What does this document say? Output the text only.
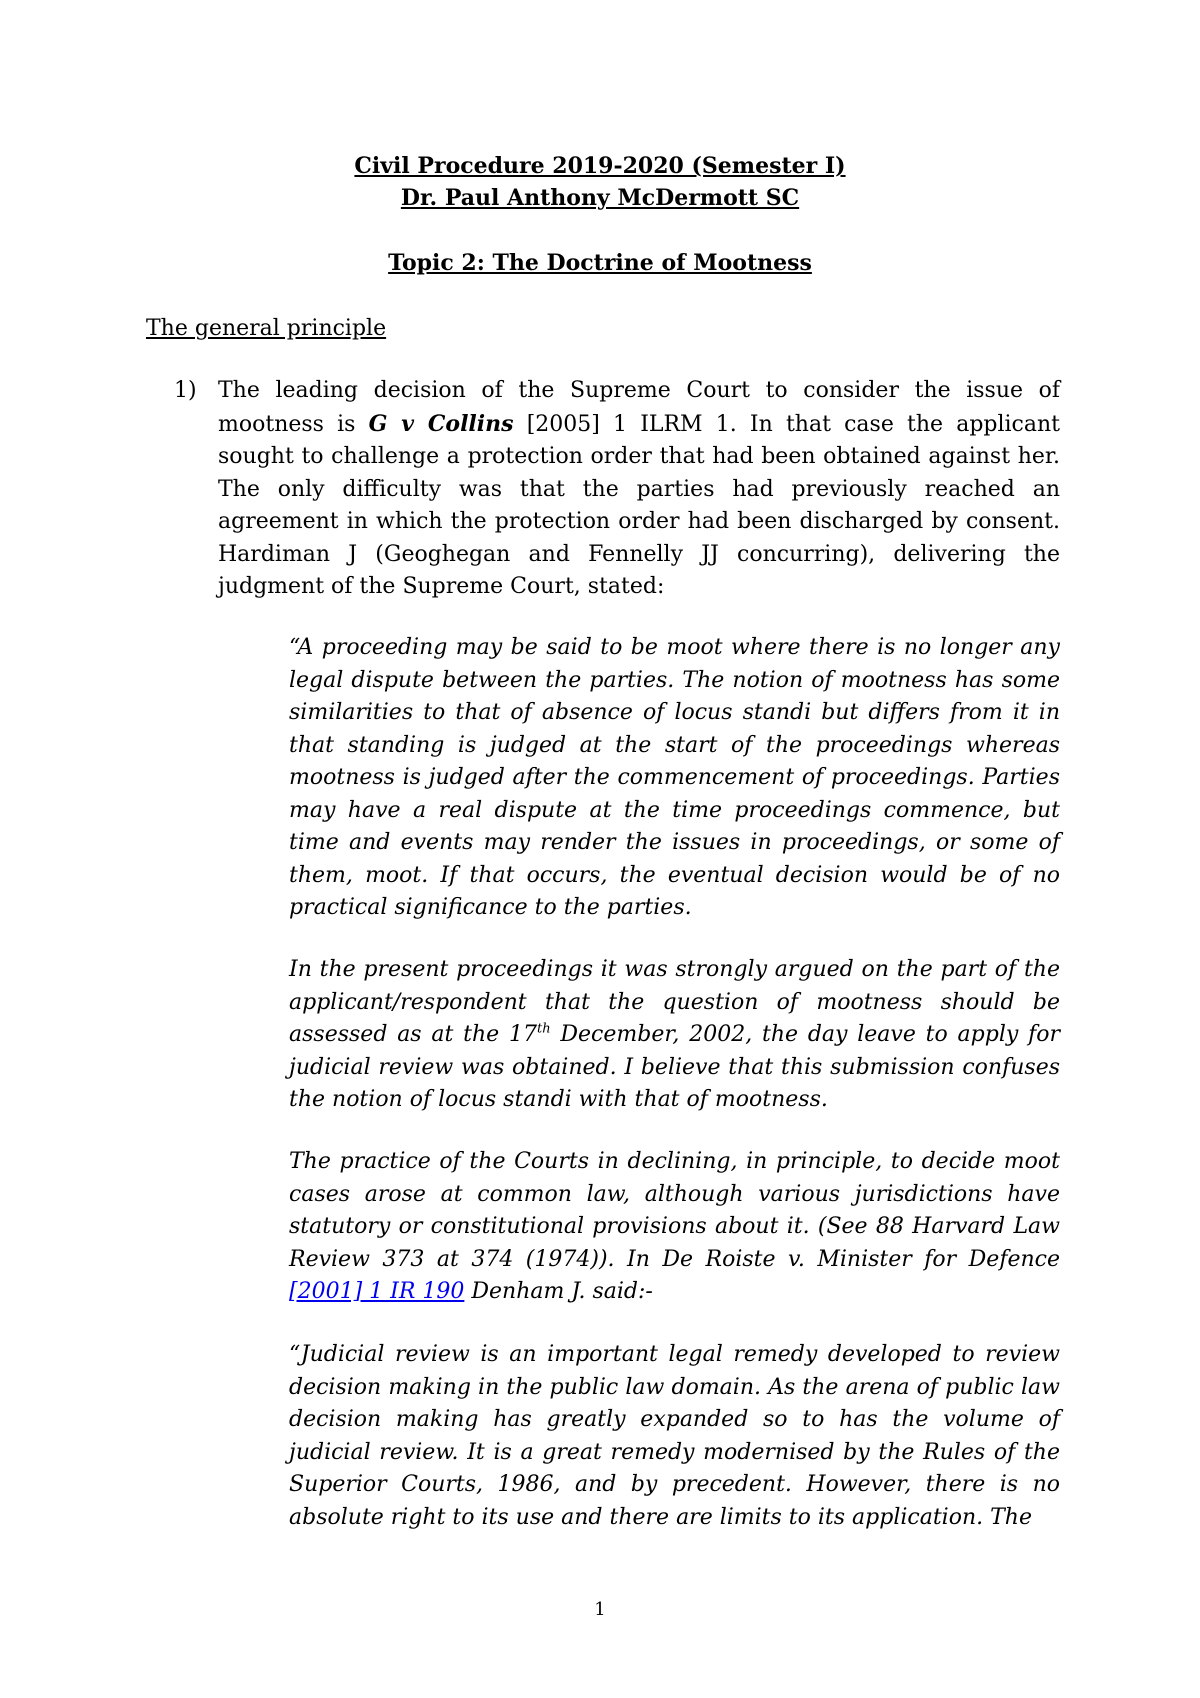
Civil Procedure 2019-2020 (Semester I)

Dr. Paul Anthony McDermott SC

Topic 2: The Doctrine of Mootness

The general principle

1) The leading decision of the Supreme Court to consider the issue of mootness is G v Collins [2005] 1 ILRM 1. In that case the applicant sought to challenge a protection order that had been obtained against her. The only difficulty was that the parties had previously reached an agreement in which the protection order had been discharged by consent. Hardiman J (Geoghegan and Fennelly JJ concurring), delivering the judgment of the Supreme Court, stated:

“A proceeding may be said to be moot where there is no longer any legal dispute between the parties. The notion of mootness has some similarities to that of absence of locus standi but differs from it in that standing is judged at the start of the proceedings whereas mootness is judged after the commencement of proceedings. Parties may have a real dispute at the time proceedings commence, but time and events may render the issues in proceedings, or some of them, moot. If that occurs, the eventual decision would be of no practical significance to the parties.

In the present proceedings it was strongly argued on the part of the applicant/respondent that the question of mootness should be assessed as at the 17th December, 2002, the day leave to apply for judicial review was obtained. I believe that this submission confuses the notion of locus standi with that of mootness.

The practice of the Courts in declining, in principle, to decide moot cases arose at common law, although various jurisdictions have statutory or constitutional provisions about it. (See 88 Harvard Law Review 373 at 374 (1974)). In De Roiste v. Minister for Defence [2001] 1 IR 190 Denham J. said:-

“Judicial review is an important legal remedy developed to review decision making in the public law domain. As the arena of public law decision making has greatly expanded so to has the volume of judicial review. It is a great remedy modernised by the Rules of the Superior Courts, 1986, and by precedent. However, there is no absolute right to its use and there are limits to its application. The

1
